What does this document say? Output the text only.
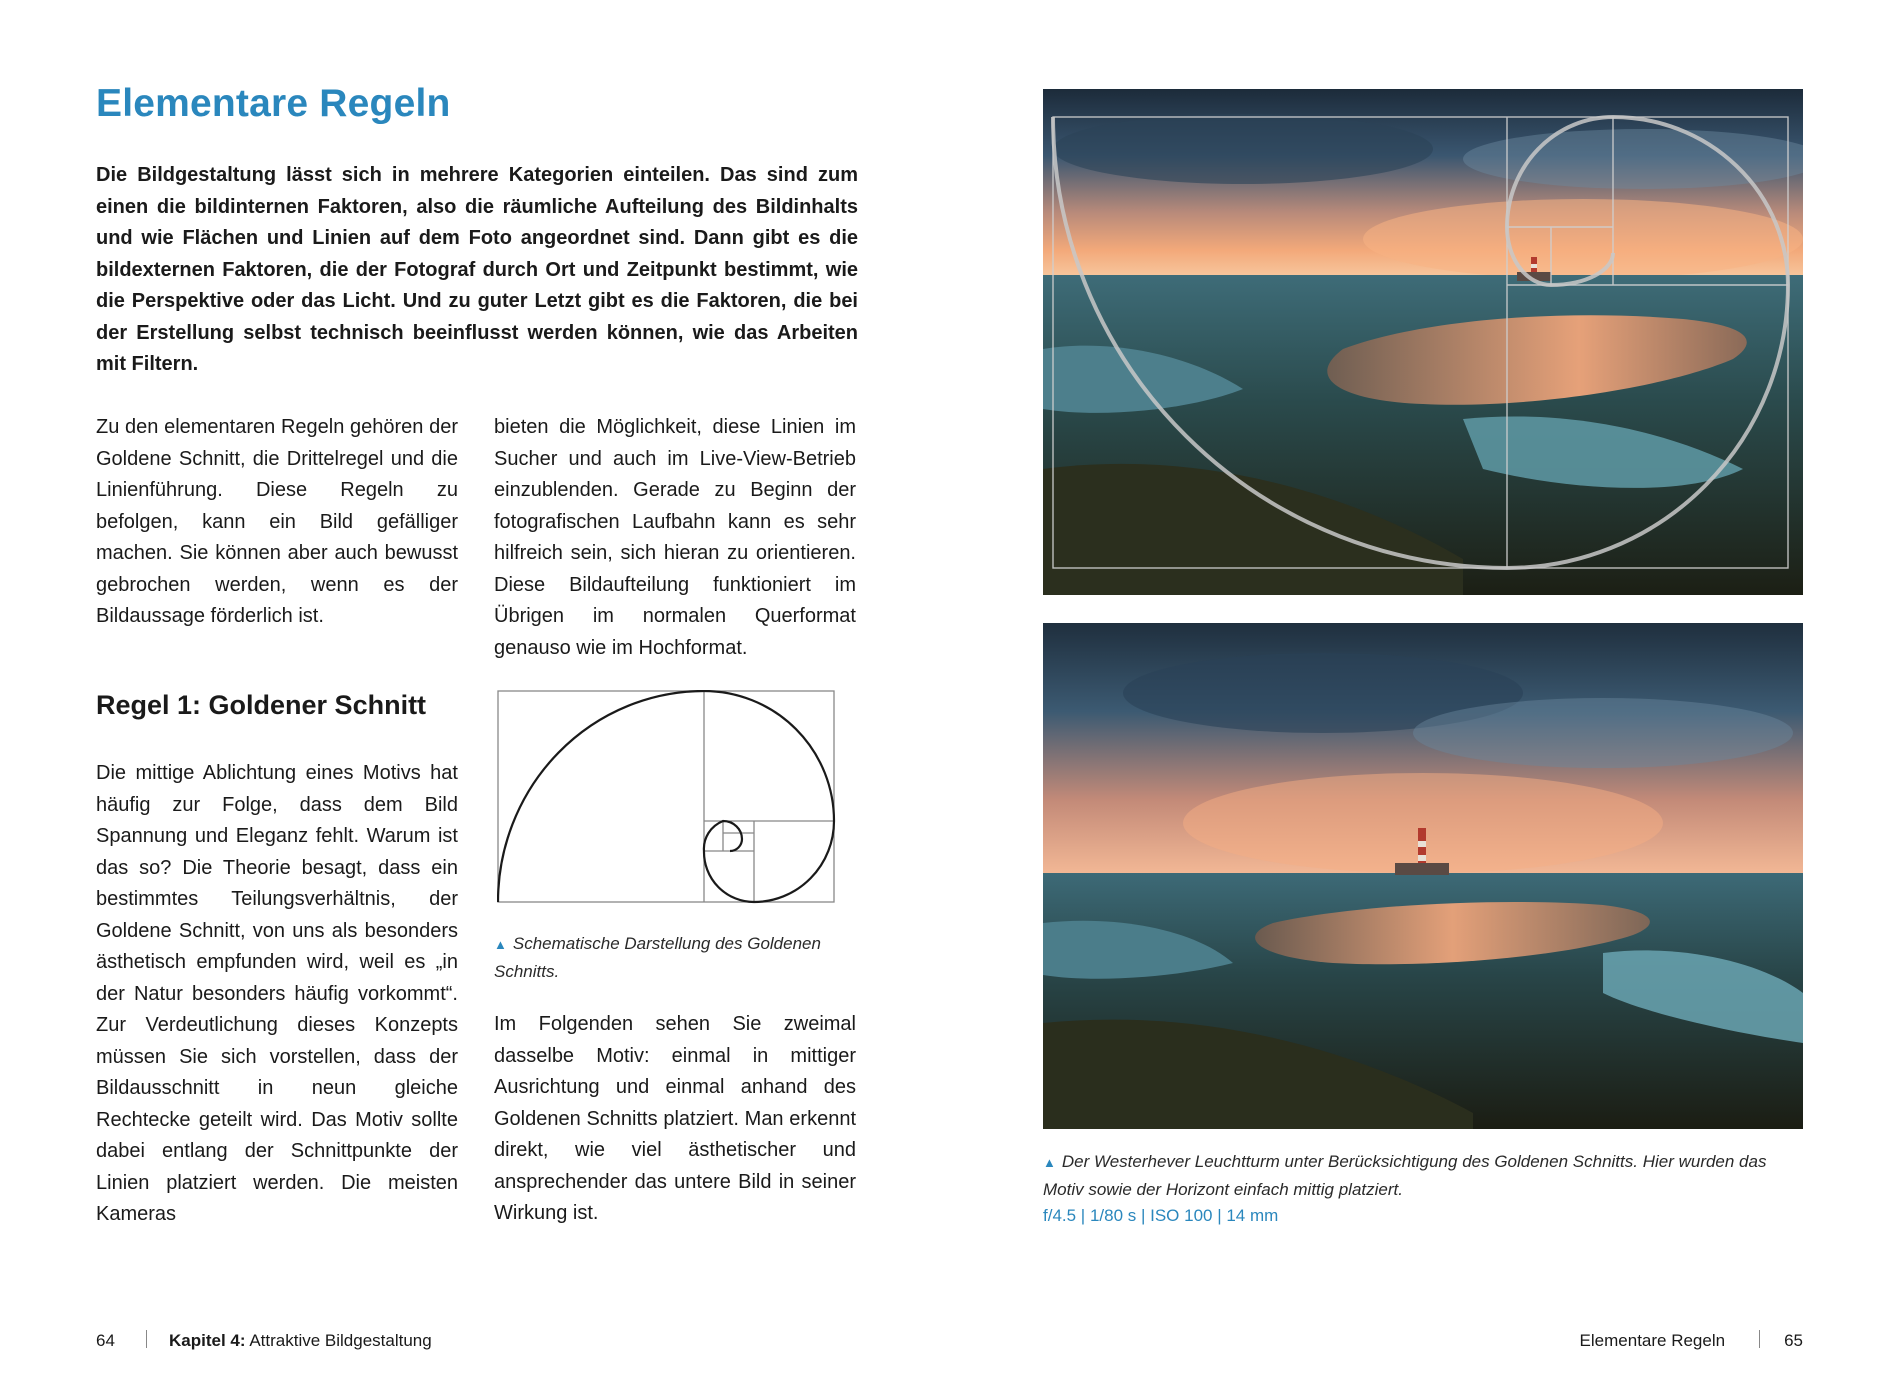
Elementare Regeln

Die Bildgestaltung lässt sich in mehrere Kategorien einteilen. Das sind zum einen die bildinternen Faktoren, also die räumliche Aufteilung des Bildinhalts und wie Flächen und Linien auf dem Foto angeordnet sind. Dann gibt es die bildexternen Faktoren, die der Fotograf durch Ort und Zeitpunkt bestimmt, wie die Perspektive oder das Licht. Und zu guter Letzt gibt es die Faktoren, die bei der Erstellung selbst technisch beeinflusst werden können, wie das Arbeiten mit Filtern.

Zu den elementaren Regeln gehören der Goldene Schnitt, die Drittelregel und die Linienführung. Diese Regeln zu befolgen, kann ein Bild gefälliger machen. Sie können aber auch bewusst gebrochen werden, wenn es der Bildaussage förderlich ist.

bieten die Möglichkeit, diese Linien im Sucher und auch im Live-View-Betrieb einzublenden. Gerade zu Beginn der fotografischen Laufbahn kann es sehr hilfreich sein, sich hieran zu orientieren. Diese Bildaufteilung funktioniert im Übrigen im normalen Querformat genauso wie im Hochformat.

Regel 1: Goldener Schnitt

Die mittige Ablichtung eines Motivs hat häufig zur Folge, dass dem Bild Spannung und Eleganz fehlt. Warum ist das so? Die Theorie besagt, dass ein bestimmtes Teilungsverhältnis, der Goldene Schnitt, von uns als besonders ästhetisch empfunden wird, weil es „in der Natur besonders häufig vorkommt“. Zur Verdeutlichung dieses Konzepts müssen Sie sich vorstellen, dass der Bildausschnitt in neun gleiche Rechtecke geteilt wird. Das Motiv sollte dabei entlang der Schnittpunkte der Linien platziert werden. Die meisten Kameras

▲ Schematische Darstellung des Goldenen Schnitts.

Im Folgenden sehen Sie zweimal dasselbe Motiv: einmal in mittiger Ausrichtung und einmal anhand des Goldenen Schnitts platziert. Man erkennt direkt, wie viel ästhetischer und ansprechender das untere Bild in seiner Wirkung ist.

64	Kapitel 4: Attraktive Bildgestaltung

▲ Der Westerhever Leuchtturm unter Berücksichtigung des Goldenen Schnitts. Hier wurden das Motiv sowie der Horizont einfach mittig platziert.

f/4.5 | 1/80 s | ISO 100 | 14 mm
Elementare Regeln	65
